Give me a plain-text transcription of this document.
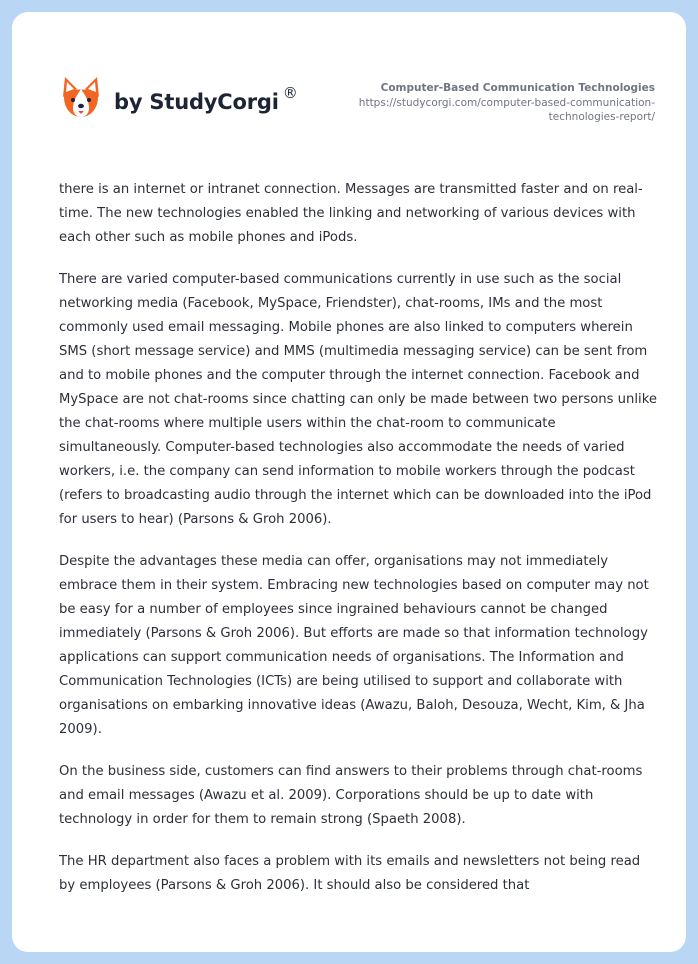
by StudyCorgi ®	Computer-Based Communication Technologies
https://studycorgi.com/computer-based-communication-
technologies-report/

there is an internet or intranet connection. Messages are transmitted faster and on real-time. The new technologies enabled the linking and networking of various devices with each other such as mobile phones and iPods.

There are varied computer-based communications currently in use such as the social networking media (Facebook, MySpace, Friendster), chat-rooms, IMs and the most commonly used email messaging. Mobile phones are also linked to computers wherein SMS (short message service) and MMS (multimedia messaging service) can be sent from and to mobile phones and the computer through the internet connection. Facebook and MySpace are not chat-rooms since chatting can only be made between two persons unlike the chat-rooms where multiple users within the chat-room to communicate simultaneously. Computer-based technologies also accommodate the needs of varied workers, i.e. the company can send information to mobile workers through the podcast (refers to broadcasting audio through the internet which can be downloaded into the iPod for users to hear) (Parsons & Groh 2006).

Despite the advantages these media can offer, organisations may not immediately embrace them in their system. Embracing new technologies based on computer may not be easy for a number of employees since ingrained behaviours cannot be changed immediately (Parsons & Groh 2006). But efforts are made so that information technology applications can support communication needs of organisations. The Information and Communication Technologies (ICTs) are being utilised to support and collaborate with organisations on embarking innovative ideas (Awazu, Baloh, Desouza, Wecht, Kim, & Jha 2009).

On the business side, customers can find answers to their problems through chat-rooms and email messages (Awazu et al. 2009). Corporations should be up to date with technology in order for them to remain strong (Spaeth 2008).

The HR department also faces a problem with its emails and newsletters not being read by employees (Parsons & Groh 2006). It should also be considered that
